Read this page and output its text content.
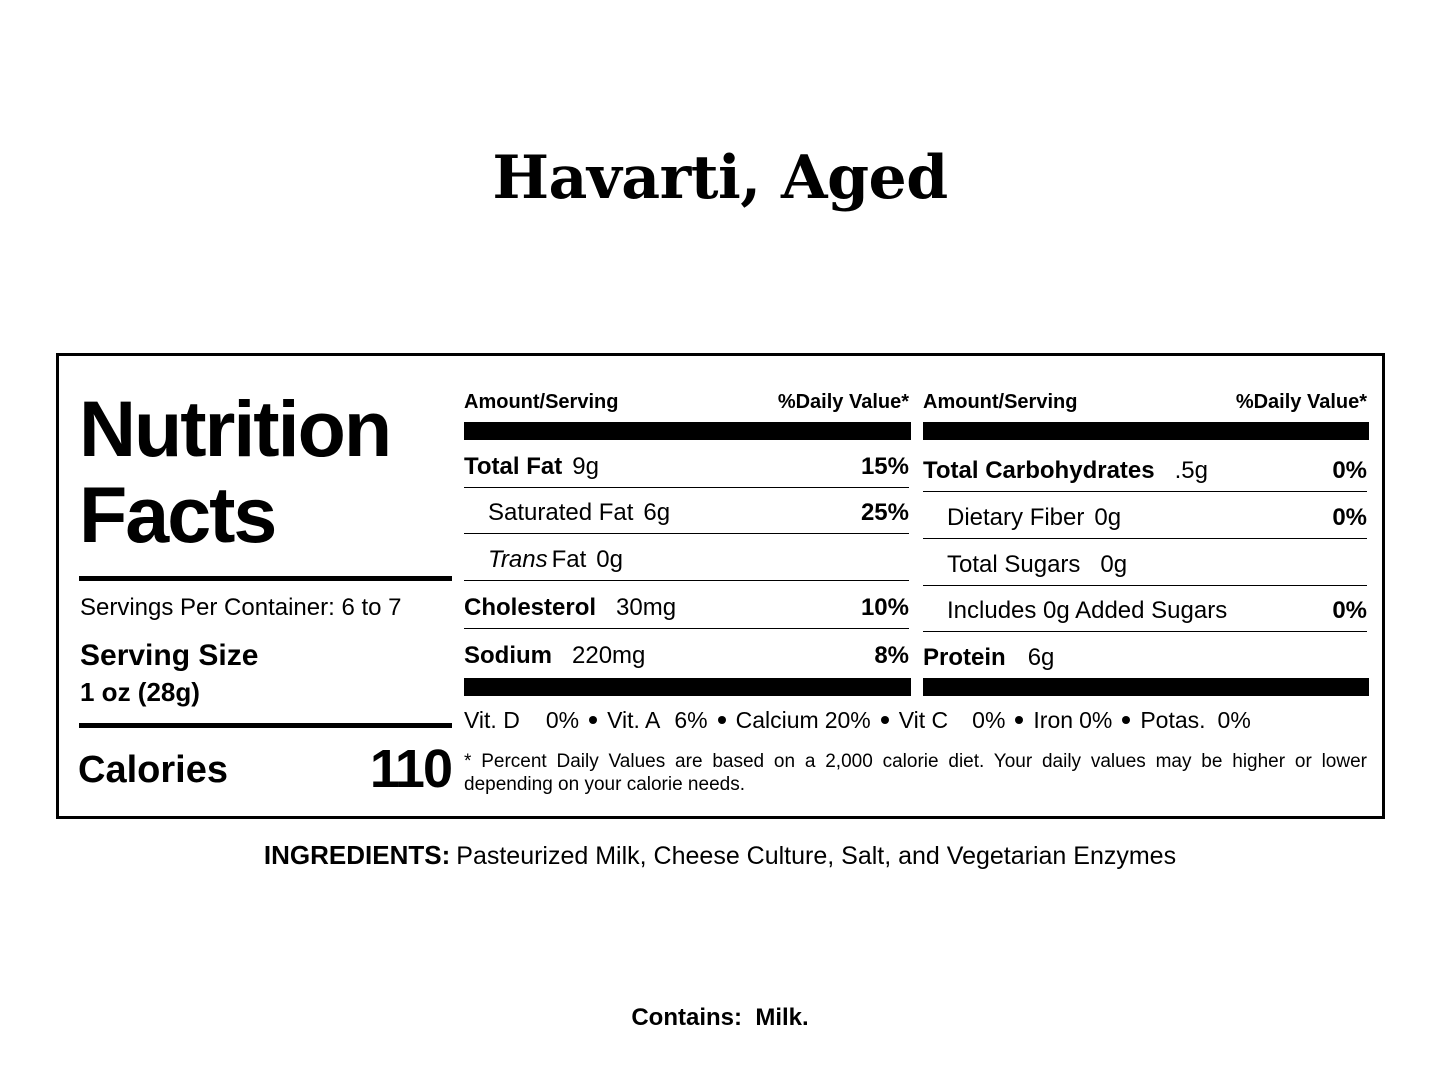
Havarti, Aged
Nutrition
Facts
Servings Per Container: 6 to 7
Serving Size
1 oz (28g)
Calories	110
Amount/Serving	%Daily Value*
Total Fat 9g	15%
Saturated Fat 6g	25%
Trans Fat 0g
Cholesterol 30mg	10%
Sodium 220mg	8%
Amount/Serving	%Daily Value*
Total Carbohydrates .5g	0%
Dietary Fiber 0g	0%
Total Sugars 0g
Includes 0g Added Sugars	0%
Protein 6g
Vit. D 0% Vit. A 6% Calcium 20% Vit C 0% Iron 0% Potas. 0%
* Percent Daily Values are based on a 2,000 calorie diet. Your daily values may be higher or lower depending on your calorie needs.
INGREDIENTS: Pasteurized Milk, Cheese Culture, Salt, and Vegetarian Enzymes
Contains:  Milk.
